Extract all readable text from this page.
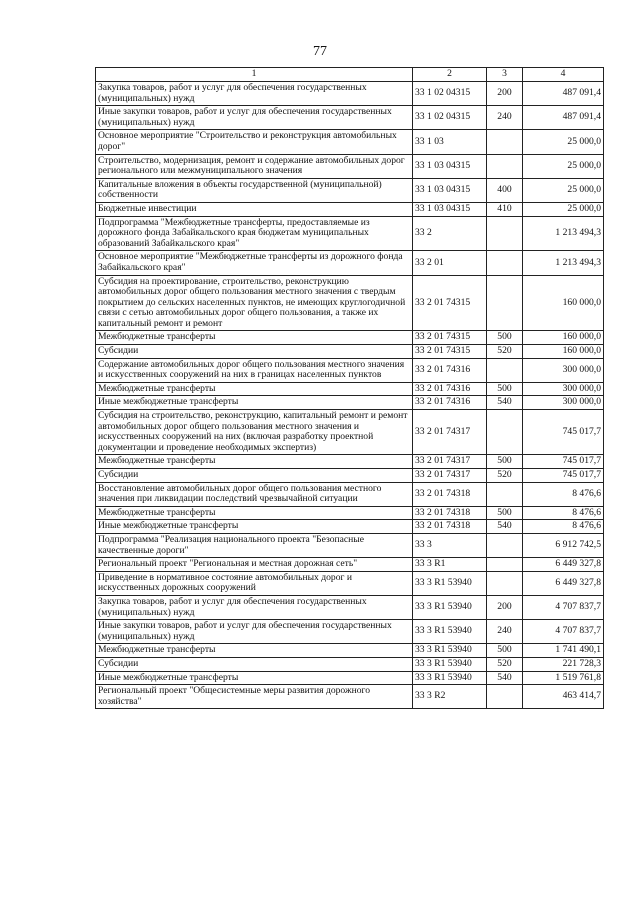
77
1	2	3	4
Закупка товаров, работ и услуг для обеспечения государственных (муниципальных) нужд	33 1 02 04315	200	487 091,4
Иные закупки товаров, работ и услуг для обеспечения государственных (муниципальных) нужд	33 1 02 04315	240	487 091,4
Основное мероприятие "Строительство и реконструкция автомобильных дорог"	33 1 03		25 000,0
Строительство, модернизация, ремонт и содержание автомобильных дорог регионального или межмуниципального значения	33 1 03 04315		25 000,0
Капитальные вложения в объекты государственной (муниципальной) собственности	33 1 03 04315	400	25 000,0
Бюджетные инвестиции	33 1 03 04315	410	25 000,0
Подпрограмма "Межбюджетные трансферты, предоставляемые из дорожного фонда Забайкальского края бюджетам муниципальных образований Забайкальского края"	33 2		1 213 494,3
Основное мероприятие "Межбюджетные трансферты из дорожного фонда Забайкальского края"	33 2 01		1 213 494,3
Субсидия на проектирование, строительство, реконструкцию автомобильных дорог общего пользования местного значения с твердым покрытием до сельских населенных пунктов, не имеющих круглогодичной связи с сетью автомобильных дорог общего пользования, а также их капитальный ремонт и ремонт	33 2 01 74315		160 000,0
Межбюджетные трансферты	33 2 01 74315	500	160 000,0
Субсидии	33 2 01 74315	520	160 000,0
Содержание автомобильных дорог общего пользования местного значения и искусственных сооружений на них в границах населенных пунктов	33 2 01 74316		300 000,0
Межбюджетные трансферты	33 2 01 74316	500	300 000,0
Иные межбюджетные трансферты	33 2 01 74316	540	300 000,0
Субсидия на строительство, реконструкцию, капитальный ремонт и ремонт автомобильных дорог общего пользования местного значения и искусственных сооружений на них (включая разработку проектной документации и проведение необходимых экспертиз)	33 2 01 74317		745 017,7
Межбюджетные трансферты	33 2 01 74317	500	745 017,7
Субсидии	33 2 01 74317	520	745 017,7
Восстановление автомобильных дорог общего пользования местного значения при ликвидации последствий чрезвычайной ситуации	33 2 01 74318		8 476,6
Межбюджетные трансферты	33 2 01 74318	500	8 476,6
Иные межбюджетные трансферты	33 2 01 74318	540	8 476,6
Подпрограмма "Реализация национального проекта "Безопасные качественные дороги"	33 3		6 912 742,5
Региональный проект "Региональная и местная дорожная сеть"	33 3 R1		6 449 327,8
Приведение в нормативное состояние автомобильных дорог и искусственных дорожных сооружений	33 3 R1 53940		6 449 327,8
Закупка товаров, работ и услуг для обеспечения государственных (муниципальных) нужд	33 3 R1 53940	200	4 707 837,7
Иные закупки товаров, работ и услуг для обеспечения государственных (муниципальных) нужд	33 3 R1 53940	240	4 707 837,7
Межбюджетные трансферты	33 3 R1 53940	500	1 741 490,1
Субсидии	33 3 R1 53940	520	221 728,3
Иные межбюджетные трансферты	33 3 R1 53940	540	1 519 761,8
Региональный проект "Общесистемные меры развития дорожного хозяйства"	33 3 R2		463 414,7
